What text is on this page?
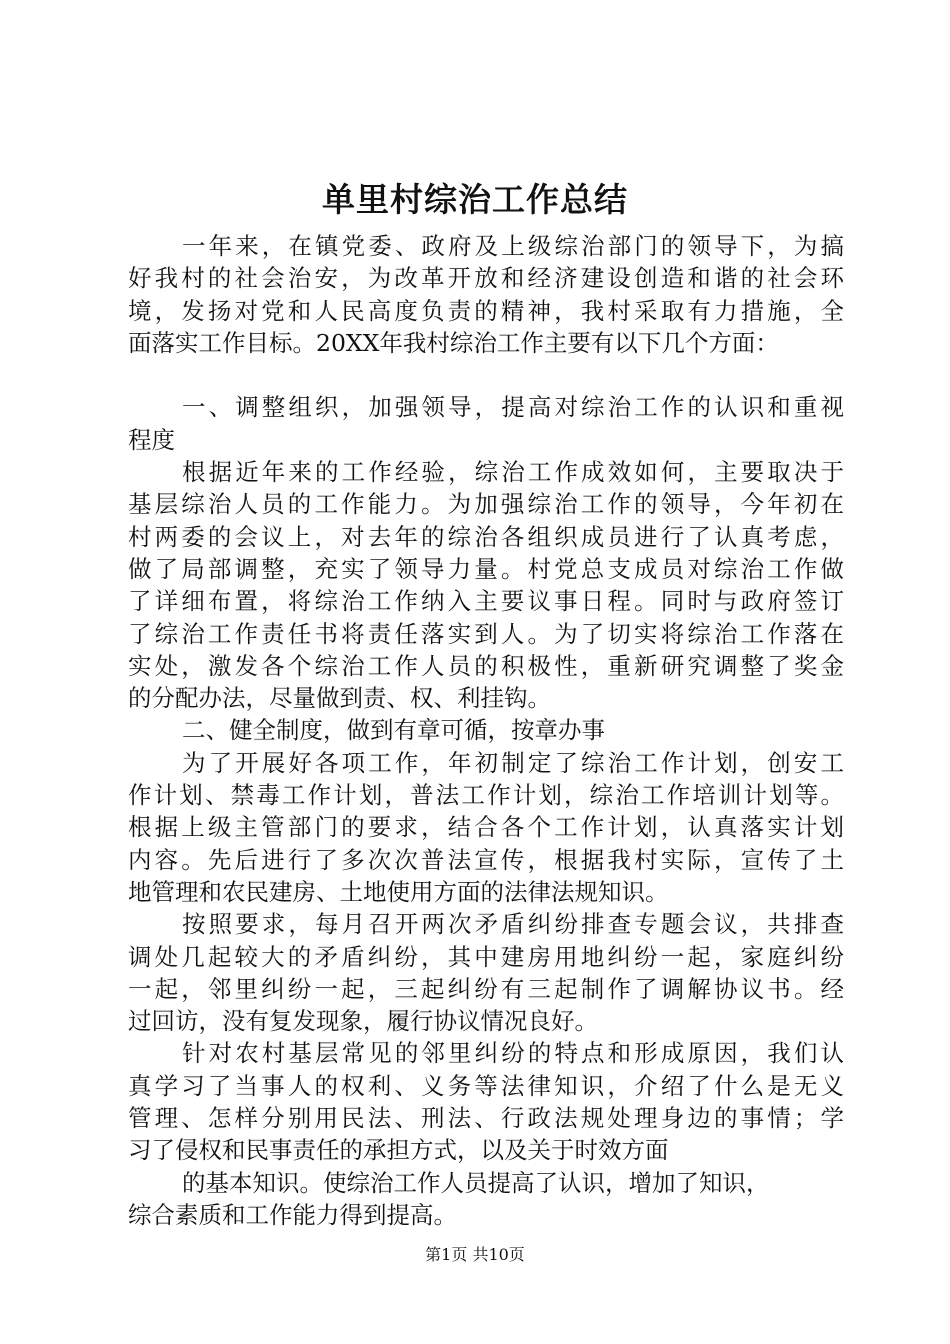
单里村综治工作总结
一年来，在镇党委、政府及上级综治部门的领导下，为搞
好我村的社会治安，为改革开放和经济建设创造和谐的社会环
境，发扬对党和人民高度负责的精神，我村采取有力措施，全
面落实工作目标。20XX年我村综治工作主要有以下几个方面：
一、调整组织，加强领导，提高对综治工作的认识和重视
程度
根据近年来的工作经验，综治工作成效如何，主要取决于
基层综治人员的工作能力。为加强综治工作的领导，今年初在
村两委的会议上，对去年的综治各组织成员进行了认真考虑，
做了局部调整，充实了领导力量。村党总支成员对综治工作做
了详细布置，将综治工作纳入主要议事日程。同时与政府签订
了综治工作责任书将责任落实到人。为了切实将综治工作落在
实处，激发各个综治工作人员的积极性，重新研究调整了奖金
的分配办法，尽量做到责、权、利挂钩。
二、健全制度，做到有章可循，按章办事
为了开展好各项工作，年初制定了综治工作计划，创安工
作计划、禁毒工作计划，普法工作计划，综治工作培训计划等。
根据上级主管部门的要求，结合各个工作计划，认真落实计划
内容。先后进行了多次次普法宣传，根据我村实际，宣传了土
地管理和农民建房、土地使用方面的法律法规知识。
按照要求，每月召开两次矛盾纠纷排查专题会议，共排查
调处几起较大的矛盾纠纷，其中建房用地纠纷一起，家庭纠纷
一起，邻里纠纷一起，三起纠纷有三起制作了调解协议书。经
过回访，没有复发现象，履行协议情况良好。
针对农村基层常见的邻里纠纷的特点和形成原因，我们认
真学习了当事人的权利、义务等法律知识，介绍了什么是无义
管理、怎样分别用民法、刑法、行政法规处理身边的事情；学
习了侵权和民事责任的承担方式，以及关于时效方面
的基本知识。使综治工作人员提高了认识，增加了知识，
综合素质和工作能力得到提高。
第1页 共10页
